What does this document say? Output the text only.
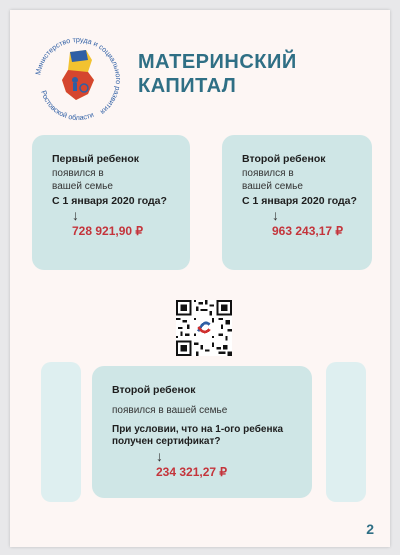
Министерство труда и социального развития
Ростовской области
МАТЕРИНСКИЙ
КАПИТАЛ
Первый ребенок
появился в вашей семье
С 1 января 2020 года?
↓
728 921,90 ₽
Второй ребенок
появился в вашей семье
С 1 января 2020 года?
↓
963 243,17 ₽
Второй ребенок
появился в вашей семье
При условии, что на 1-ого ребенка получен сертификат?
↓
234 321,27 ₽
2
